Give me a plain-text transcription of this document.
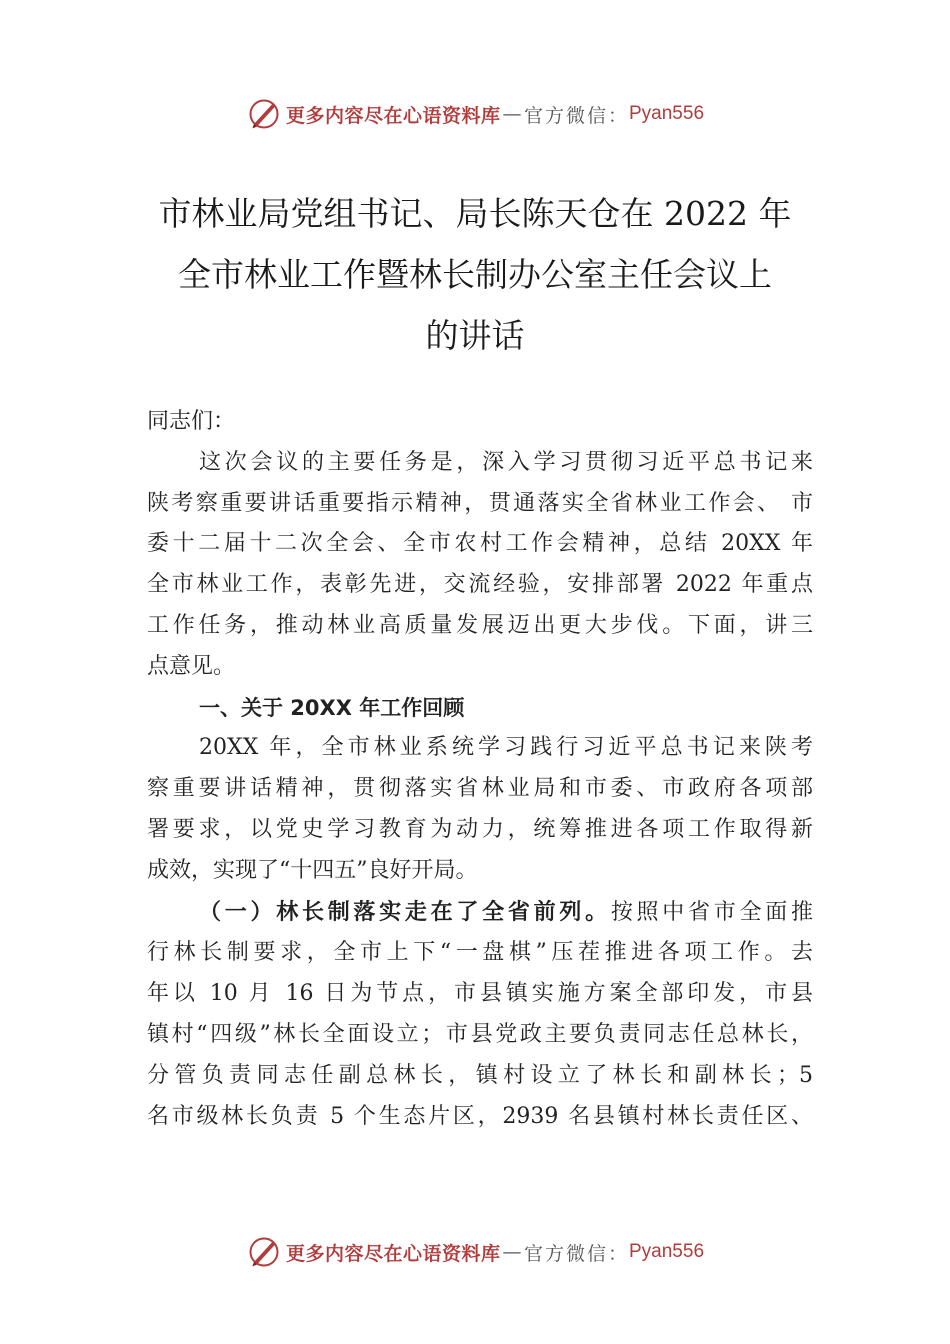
更多内容尽在心语资料库 — 官方微信： Pyan556
市林业局党组书记、局长陈天仓在 2022 年
全市林业工作暨林长制办公室主任会议上
的讲话
同志们：
这次会议的主要任务是，深入学习贯彻习近平总书记来
陕考察重要讲话重要指示精神，贯通落实全省林业工作会、 市
委十二届十二次全会、全市农村工作会精神，总结 20XX 年
全市林业工作，表彰先进，交流经验，安排部署 2022 年重点
工作任务，推动林业高质量发展迈出更大步伐。下面，讲三
点意见。
一、关于 20XX 年工作回顾
20XX 年，全市林业系统学习践行习近平总书记来陕考
察重要讲话精神，贯彻落实省林业局和市委、市政府各项部
署要求，以党史学习教育为动力，统筹推进各项工作取得新
成效，实现了“十四五”良好开局。
（一）林长制落实走在了全省前列。按照中省市全面推
行林长制要求，全市上下“一盘棋”压茬推进各项工作。去
年以 10 月 16 日为节点，市县镇实施方案全部印发，市县
镇村“四级”林长全面设立；市县党政主要负责同志任总林长，
分管负责同志任副总林长，镇村设立了林长和副林长；5
名市级林长负责 5 个生态片区，2939 名县镇村林长责任区、
更多内容尽在心语资料库 — 官方微信： Pyan556
